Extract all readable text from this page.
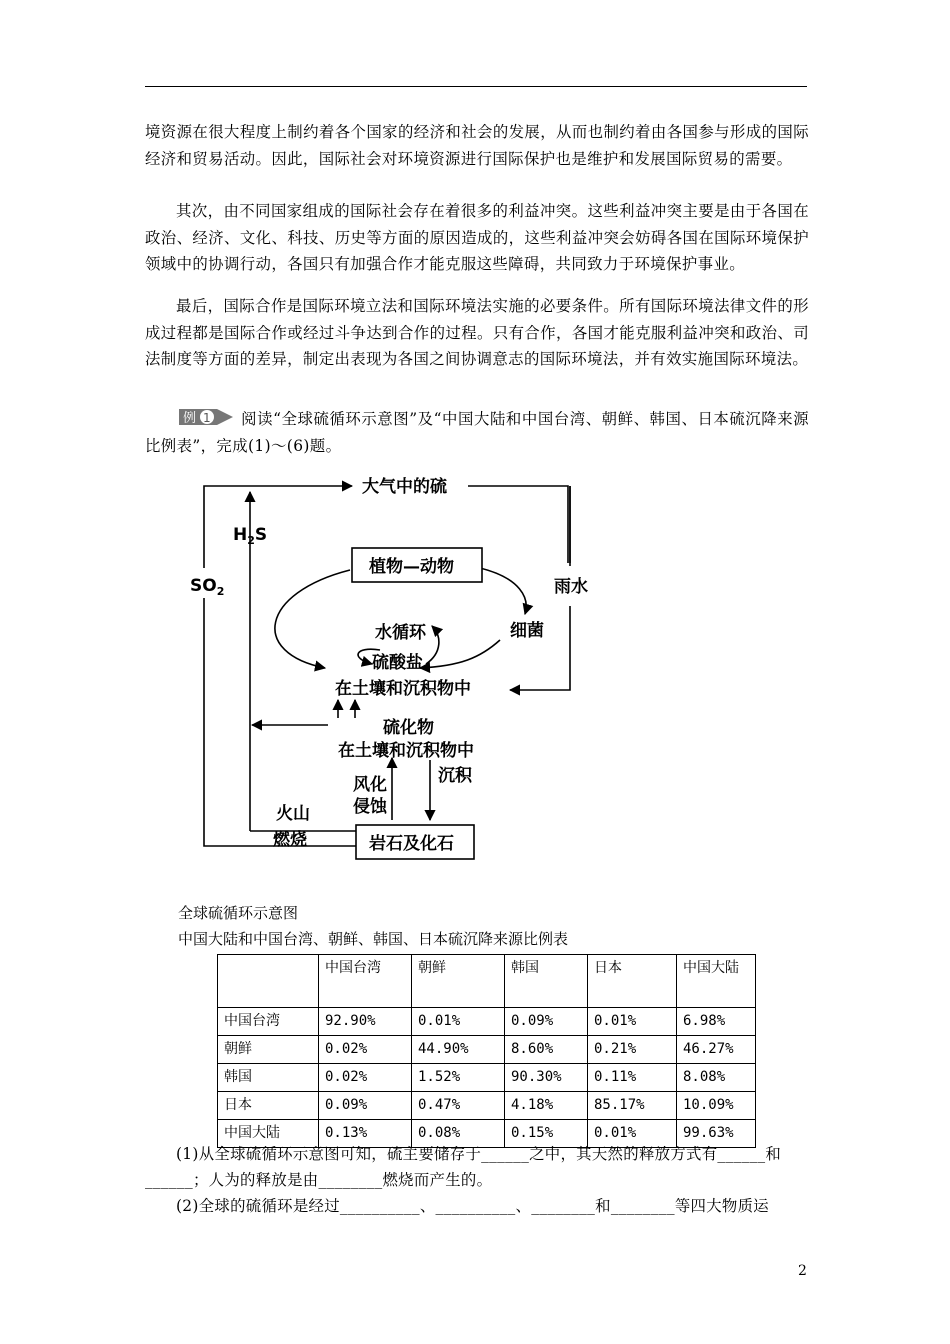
境资源在很大程度上制约着各个国家的经济和社会的发展，从而也制约着由各国参与形成的国际经济和贸易活动。因此，国际社会对环境资源进行国际保护也是维护和发展国际贸易的需要。

其次，由不同国家组成的国际社会存在着很多的利益冲突。这些利益冲突主要是由于各国在政治、经济、文化、科技、历史等方面的原因造成的，这些利益冲突会妨碍各国在国际环境保护领域中的协调行动，各国只有加强合作才能克服这些障碍，共同致力于环境保护事业。

最后，国际合作是国际环境立法和国际环境法实施的必要条件。所有国际环境法律文件的形成过程都是国际合作或经过斗争达到合作的过程。只有合作，各国才能克服利益冲突和政治、司法制度等方面的差异，制定出表现为各国之间协调意志的国际环境法，并有效实施国际环境法。

例 1 阅读“全球硫循环示意图”及“中国大陆和中国台湾、朝鲜、韩国、日本硫沉降来源比例表”，完成(1)～(6)题。

大气中的硫
植物—动物
雨水
细菌
水循环
硫酸盐
在土壤和沉积物中
硫化物
在土壤和沉积物中
$H_2S$
$SO_2$
风化
侵蚀
沉积
火山
燃烧	岩石及化石
全球硫循环示意图
中国大陆和中国台湾、朝鲜、韩国、日本硫沉降来源比例表
	中国台湾	朝鲜	韩国	日本	中国大陆
中国台湾	92.90%	0.01%	0.09%	0.01%	6.98%
朝鲜	0.02%	44.90%	8.60%	0.21%	46.27%
韩国	0.02%	1.52%	90.30%	0.11%	8.08%
日本	0.09%	0.47%	4.18%	85.17%	10.09%
中国大陆	0.13%	0.08%	0.15%	0.01%	99.63%

(1)从全球硫循环示意图可知，硫主要储存于______之中，其天然的释放方式有______和______；人为的释放是由________燃烧而产生的。

(2)全球的硫循环是经过__________、__________、________和________等四大物质运

2
